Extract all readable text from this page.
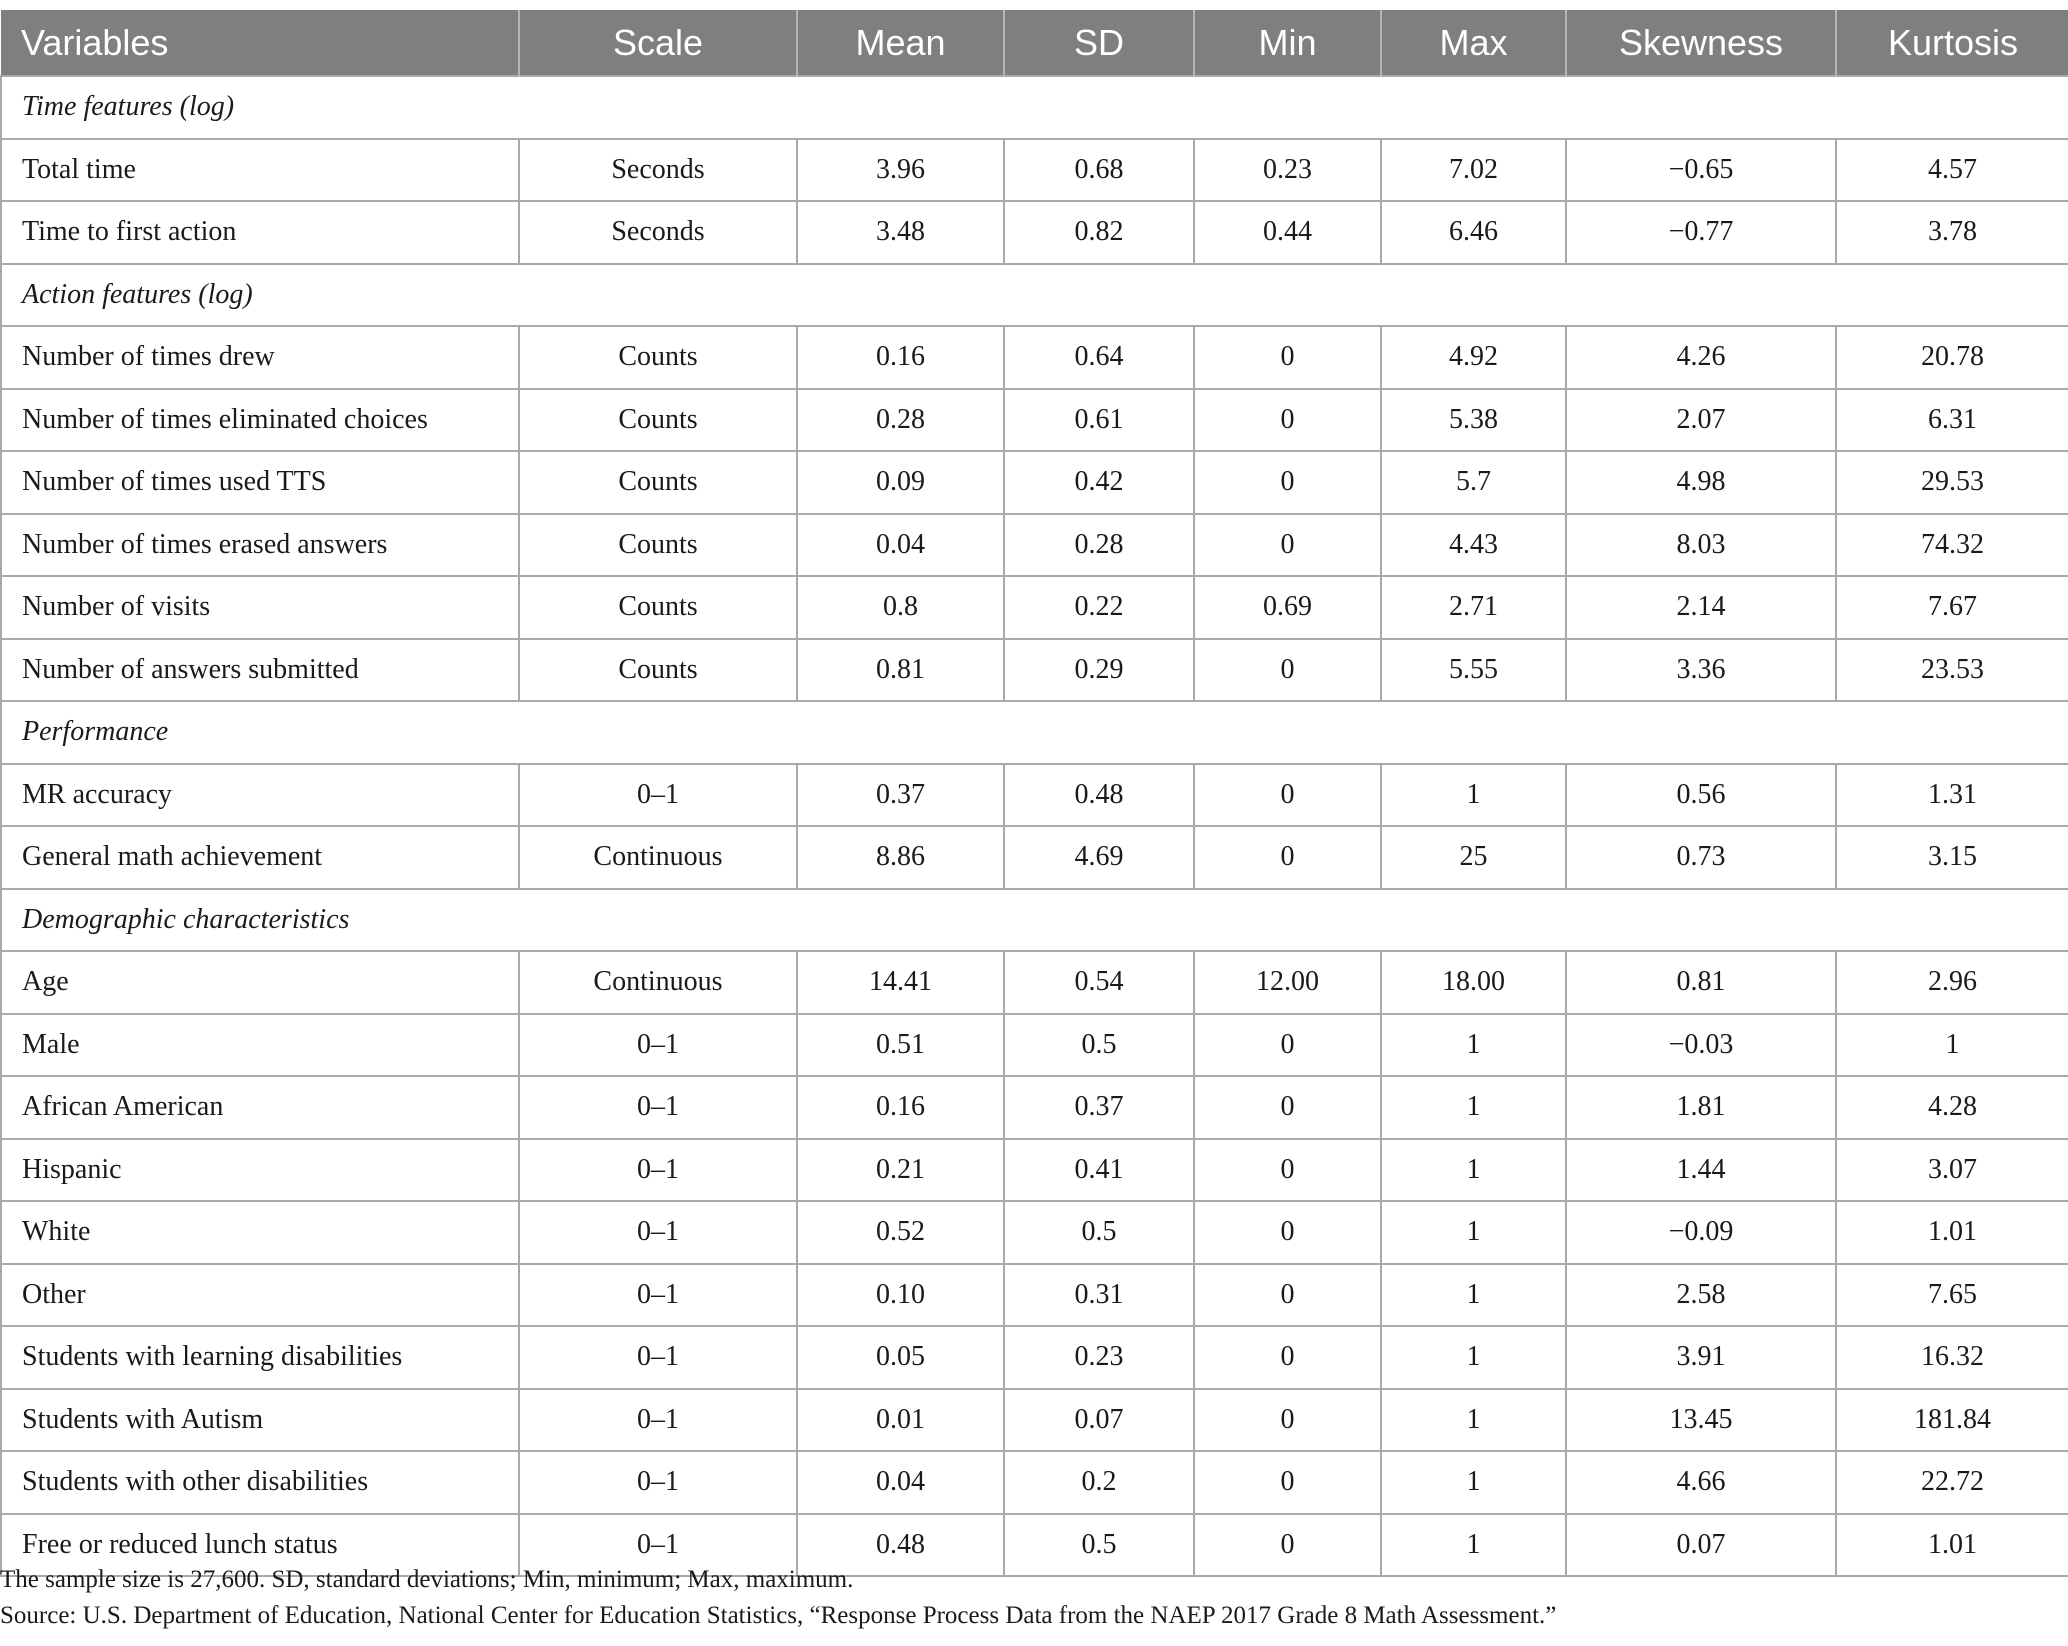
Variables	Scale	Mean	SD	Min	Max	Skewness	Kurtosis
Time features (log)							
Total time	Seconds	3.96	0.68	0.23	7.02	−0.65	4.57
Time to first action	Seconds	3.48	0.82	0.44	6.46	−0.77	3.78
Action features (log)							
Number of times drew	Counts	0.16	0.64	0	4.92	4.26	20.78
Number of times eliminated choices	Counts	0.28	0.61	0	5.38	2.07	6.31
Number of times used TTS	Counts	0.09	0.42	0	5.7	4.98	29.53
Number of times erased answers	Counts	0.04	0.28	0	4.43	8.03	74.32
Number of visits	Counts	0.8	0.22	0.69	2.71	2.14	7.67
Number of answers submitted	Counts	0.81	0.29	0	5.55	3.36	23.53
Performance							
MR accuracy	0–1	0.37	0.48	0	1	0.56	1.31
General math achievement	Continuous	8.86	4.69	0	25	0.73	3.15
Demographic characteristics							
Age	Continuous	14.41	0.54	12.00	18.00	0.81	2.96
Male	0–1	0.51	0.5	0	1	−0.03	1
African American	0–1	0.16	0.37	0	1	1.81	4.28
Hispanic	0–1	0.21	0.41	0	1	1.44	3.07
White	0–1	0.52	0.5	0	1	−0.09	1.01
Other	0–1	0.10	0.31	0	1	2.58	7.65
Students with learning disabilities	0–1	0.05	0.23	0	1	3.91	16.32
Students with Autism	0–1	0.01	0.07	0	1	13.45	181.84
Students with other disabilities	0–1	0.04	0.2	0	1	4.66	22.72
Free or reduced lunch status	0–1	0.48	0.5	0	1	0.07	1.01

The sample size is 27,600. SD, standard deviations; Min, minimum; Max, maximum.

Source: U.S. Department of Education, National Center for Education Statistics, “Response Process Data from the NAEP 2017 Grade 8 Math Assessment.”
